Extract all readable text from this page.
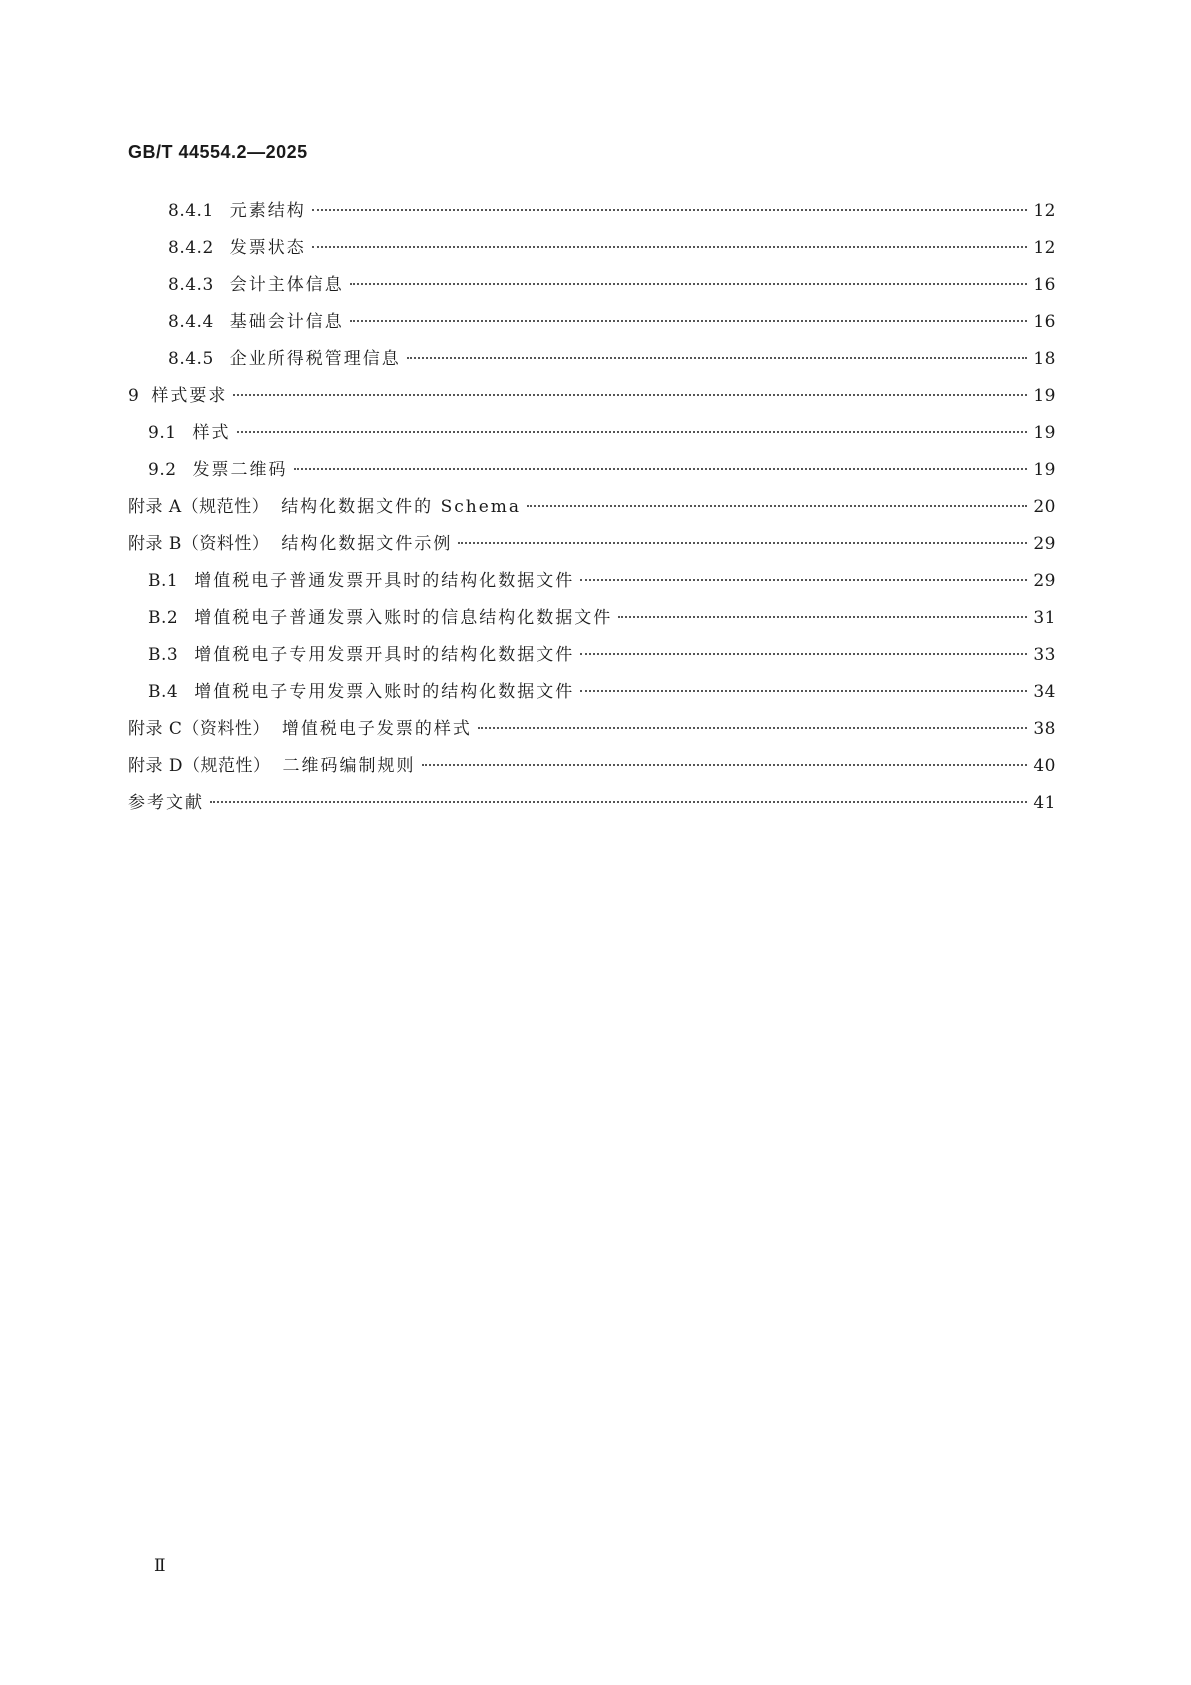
GB/T 44554.2—2025
8.4.1 元素结构	12
8.4.2 发票状态	12
8.4.3 会计主体信息	16
8.4.4 基础会计信息	16
8.4.5 企业所得税管理信息	18
9 样式要求	19
9.1 样式	19
9.2 发票二维码	19
附录 A（规范性） 结构化数据文件的 Schema	20
附录 B（资料性） 结构化数据文件示例	29
B.1 增值税电子普通发票开具时的结构化数据文件	29
B.2 增值税电子普通发票入账时的信息结构化数据文件	31
B.3 增值税电子专用发票开具时的结构化数据文件	33
B.4 增值税电子专用发票入账时的结构化数据文件	34
附录 C（资料性） 增值税电子发票的样式	38
附录 D（规范性） 二维码编制规则	40
参考文献	41
Ⅱ
